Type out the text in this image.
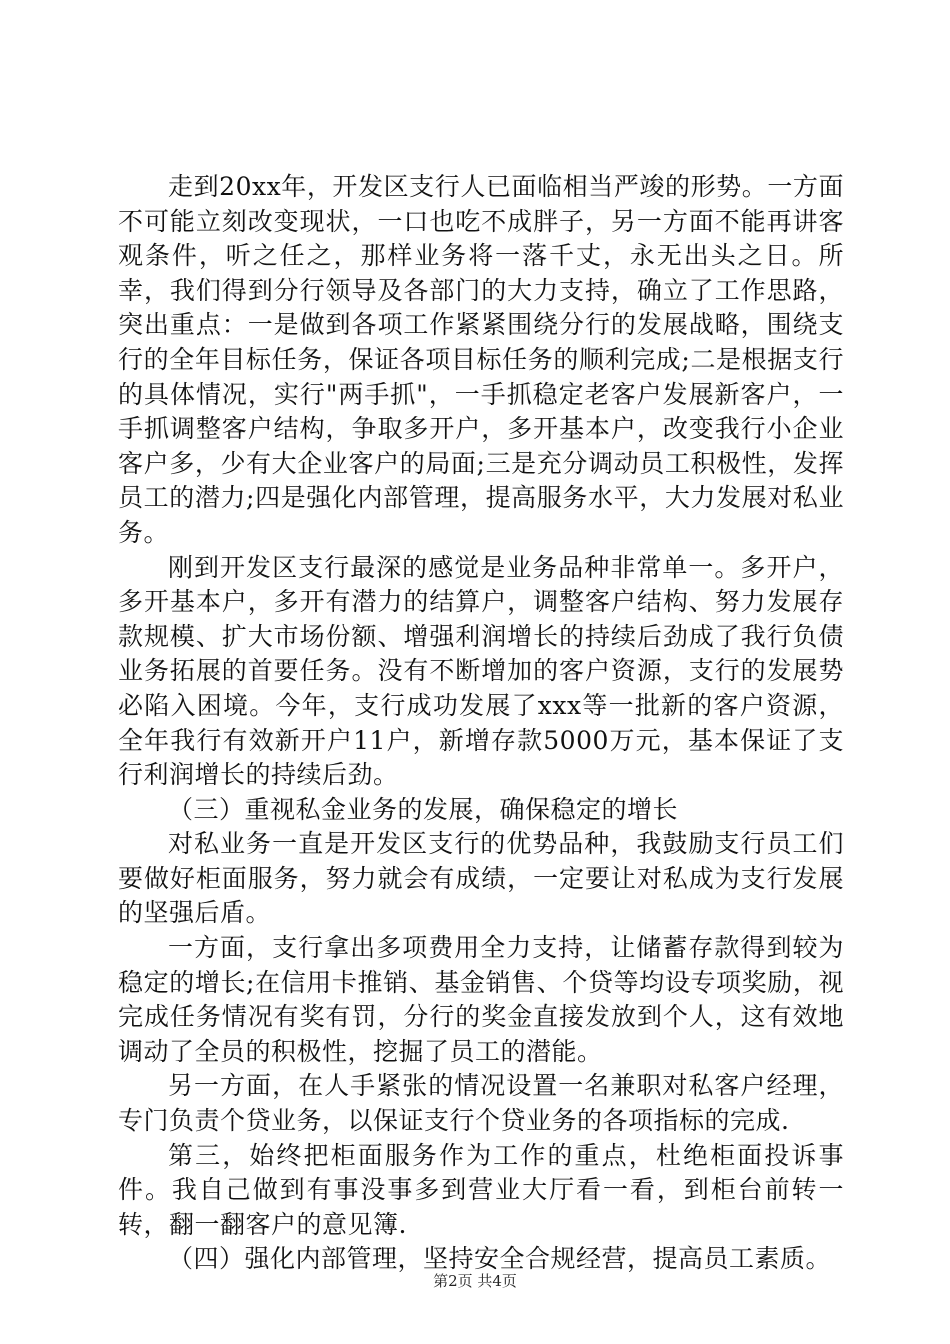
走到20xx年，开发区支行人已面临相当严竣的形势。一方面不可能立刻改变现状，一口也吃不成胖子，另一方面不能再讲客观条件，听之任之，那样业务将一落千丈，永无出头之日。所幸，我们得到分行领导及各部门的大力支持，确立了工作思路，突出重点：一是做到各项工作紧紧围绕分行的发展战略，围绕支行的全年目标任务，保证各项目标任务的顺利完成;二是根据支行的具体情况，实行"两手抓"，一手抓稳定老客户发展新客户，一手抓调整客户结构，争取多开户，多开基本户，改变我行小企业客户多，少有大企业客户的局面;三是充分调动员工积极性，发挥员工的潜力;四是强化内部管理，提高服务水平，大力发展对私业务。

刚到开发区支行最深的感觉是业务品种非常单一。多开户，多开基本户，多开有潜力的结算户，调整客户结构、努力发展存款规模、扩大市场份额、增强利润增长的持续后劲成了我行负债业务拓展的首要任务。没有不断增加的客户资源，支行的发展势必陷入困境。今年，支行成功发展了xxx等一批新的客户资源，全年我行有效新开户11户，新增存款5000万元，基本保证了支行利润增长的持续后劲。

（三）重视私金业务的发展，确保稳定的增长

对私业务一直是开发区支行的优势品种，我鼓励支行员工们要做好柜面服务，努力就会有成绩，一定要让对私成为支行发展的坚强后盾。

一方面，支行拿出多项费用全力支持，让储蓄存款得到较为稳定的增长;在信用卡推销、基金销售、个贷等均设专项奖励，视完成任务情况有奖有罚，分行的奖金直接发放到个人，这有效地调动了全员的积极性，挖掘了员工的潜能。

另一方面，在人手紧张的情况设置一名兼职对私客户经理，专门负责个贷业务，以保证支行个贷业务的各项指标的完成.

第三，始终把柜面服务作为工作的重点，杜绝柜面投诉事件。我自己做到有事没事多到营业大厅看一看，到柜台前转一转，翻一翻客户的意见簿.

（四）强化内部管理，坚持安全合规经营，提高员工素质。

第2页 共4页
